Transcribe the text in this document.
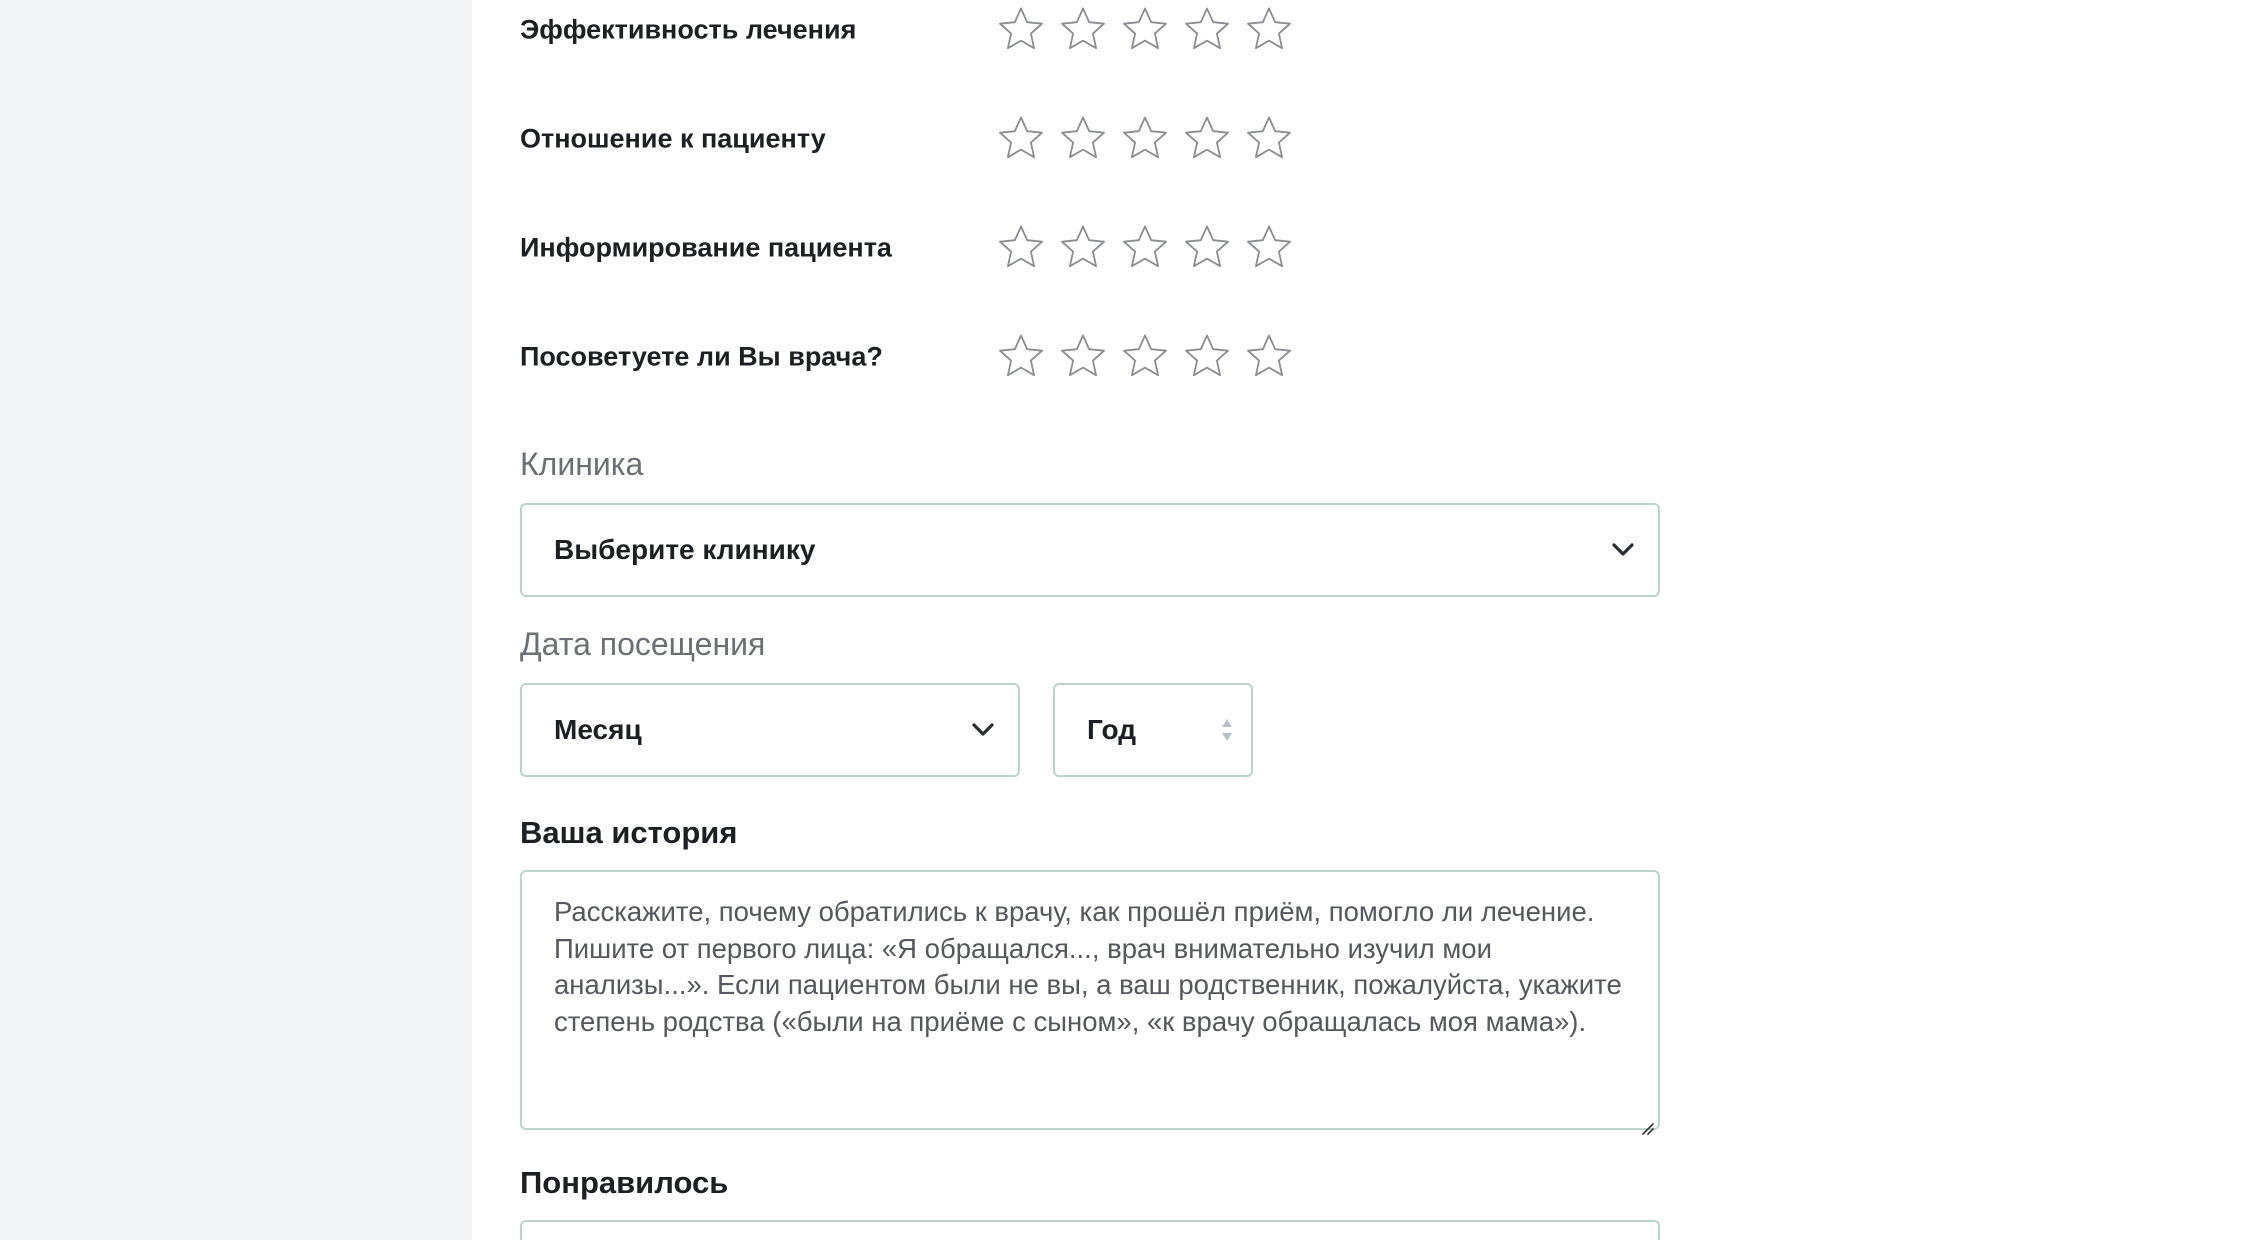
Эффективность лечения
Отношение к пациенту
Информирование пациента
Посоветуете ли Вы врача?
Клиника
Выберите клинику
Дата посещения
Месяц	Год
Ваша история
Расскажите, почему обратились к врачу, как прошёл приём, помогло ли лечение. Пишите от первого лица: «Я обращался..., врач внимательно изучил мои анализы...». Если пациентом были не вы, а ваш родственник, пожалуйста, укажите степень родства («были на приёме с сыном», «к врачу обращалась моя мама»).
Понравилось
